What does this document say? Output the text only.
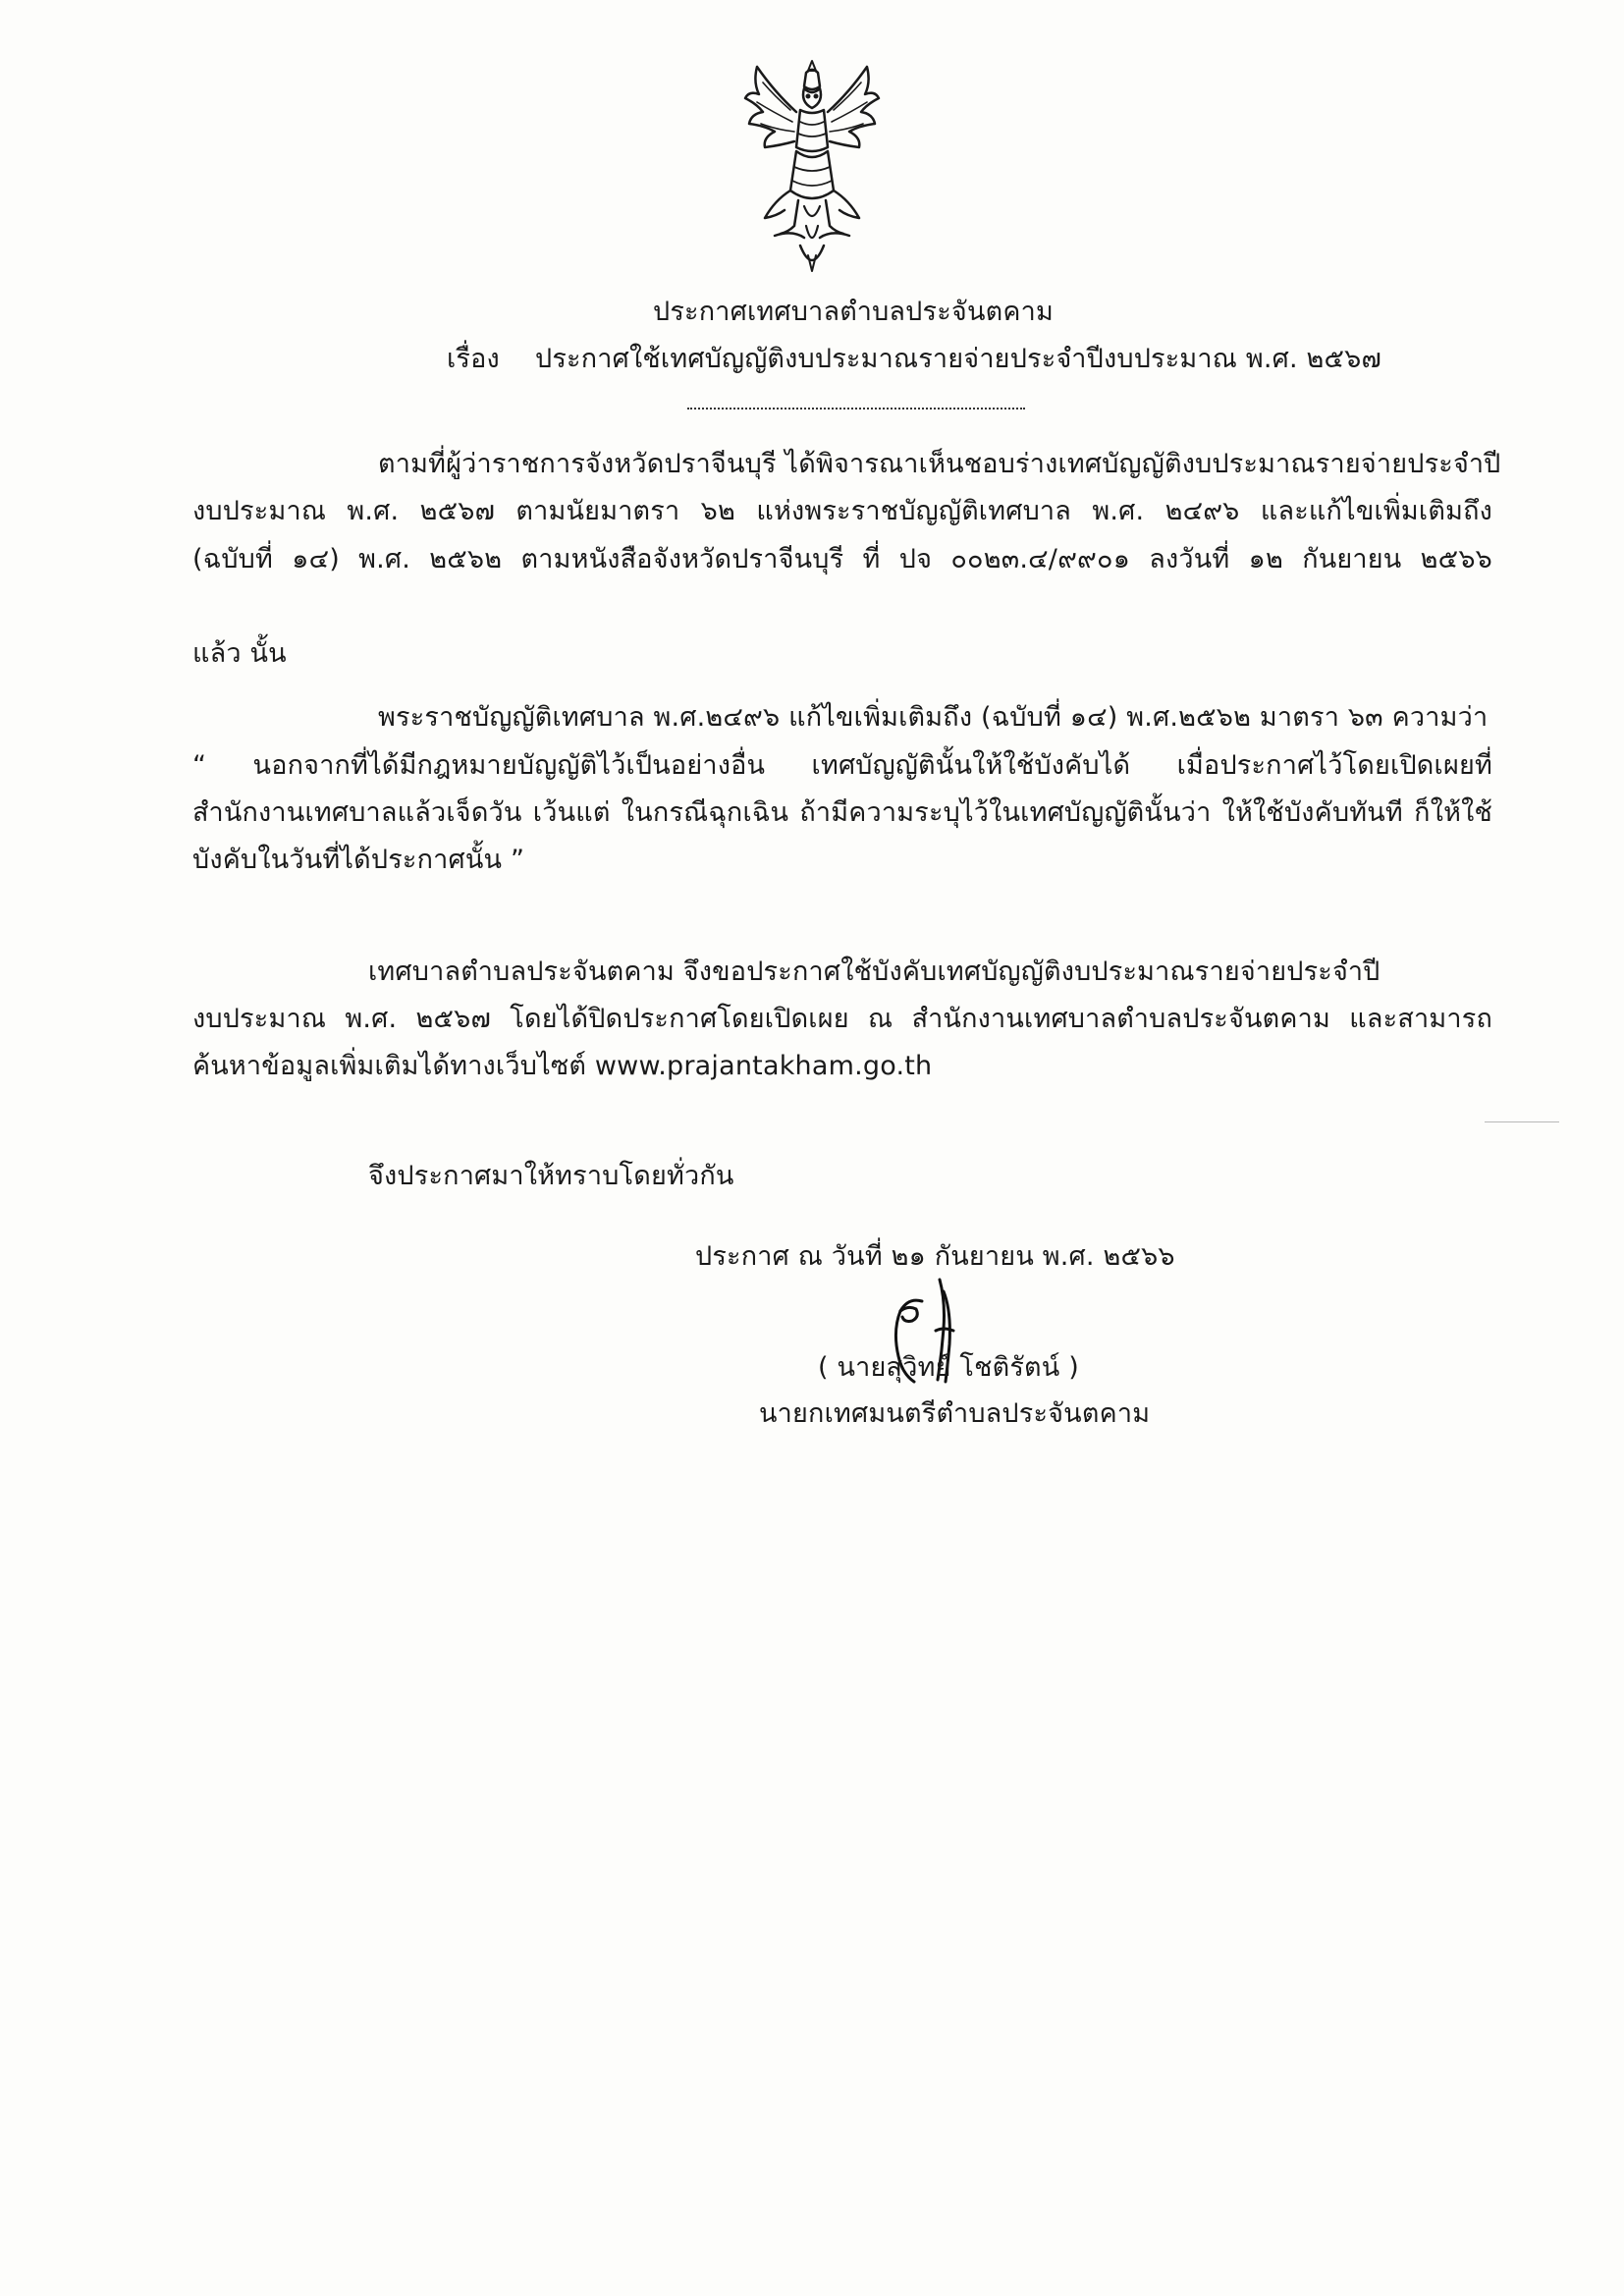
ประกาศเทศบาลตำบลประจันตคาม
เรื่อง ประกาศใช้เทศบัญญัติงบประมาณรายจ่ายประจำปีงบประมาณ พ.ศ. ๒๕๖๗
ตามที่ผู้ว่าราชการจังหวัดปราจีนบุรี ได้พิจารณาเห็นชอบร่างเทศบัญญัติงบประมาณรายจ่ายประจำปี
งบประมาณ พ.ศ. ๒๕๖๗ ตามนัยมาตรา ๖๒ แห่งพระราชบัญญัติเทศบาล พ.ศ. ๒๔๙๖ และแก้ไขเพิ่มเติมถึง
(ฉบับที่ ๑๔) พ.ศ. ๒๕๖๒ ตามหนังสือจังหวัดปราจีนบุรี ที่ ปจ ๐๐๒๓.๔/๙๙๐๑ ลงวันที่ ๑๒ กันยายน ๒๕๖๖
แล้ว นั้น
พระราชบัญญัติเทศบาล พ.ศ.๒๔๙๖ แก้ไขเพิ่มเติมถึง (ฉบับที่ ๑๔) พ.ศ.๒๕๖๒ มาตรา ๖๓ ความว่า
“ นอกจากที่ได้มีกฎหมายบัญญัติไว้เป็นอย่างอื่น เทศบัญญัตินั้นให้ใช้บังคับได้ เมื่อประกาศไว้โดยเปิดเผยที่
สำนักงานเทศบาลแล้วเจ็ดวัน เว้นแต่ ในกรณีฉุกเฉิน ถ้ามีความระบุไว้ในเทศบัญญัตินั้นว่า ให้ใช้บังคับทันที ก็ให้ใช้
บังคับในวันที่ได้ประกาศนั้น ”
เทศบาลตำบลประจันตคาม จึงขอประกาศใช้บังคับเทศบัญญัติงบประมาณรายจ่ายประจำปี
งบประมาณ พ.ศ. ๒๕๖๗ โดยได้ปิดประกาศโดยเปิดเผย ณ สำนักงานเทศบาลตำบลประจันตคาม และสามารถ
ค้นหาข้อมูลเพิ่มเติมได้ทางเว็บไซต์ www.prajantakham.go.th
จึงประกาศมาให้ทราบโดยทั่วกัน
ประกาศ ณ วันที่ ๒๑ กันยายน พ.ศ. ๒๕๖๖
( นายสุวิทย์ โชติรัตน์ )
นายกเทศมนตรีตำบลประจันตคาม
